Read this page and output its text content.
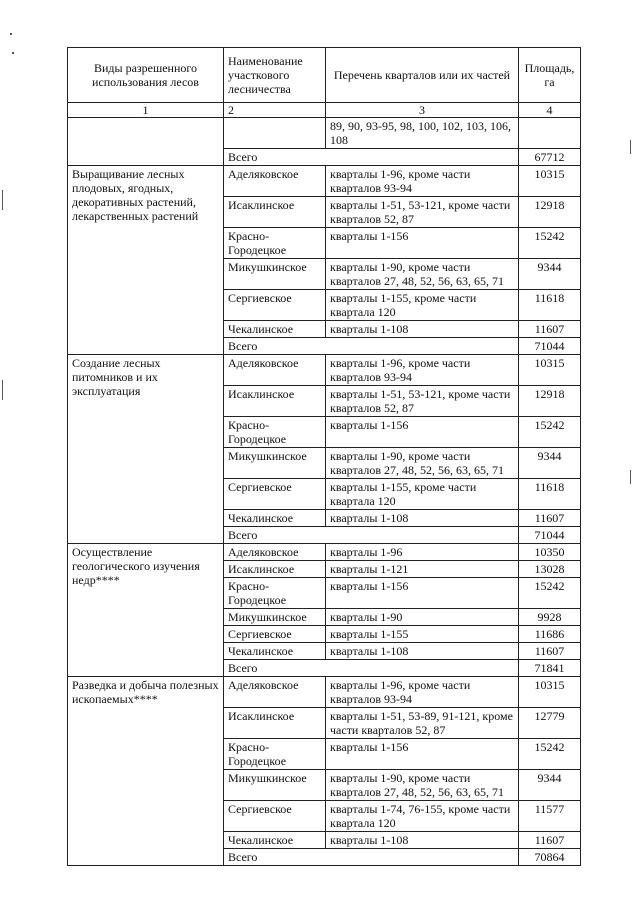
Виды разрешенного использования лесов	Наименование участкового лесничества	Перечень кварталов или их частей	Площадь, га
1	2	3	4
		89, 90, 93-95, 98, 100, 102, 103, 106, 108	
	Всего		67712
Выращивание лесных плодовых, ягодных, декоративных растений, лекарственных растений	Аделяковское	кварталы 1-96, кроме части кварталов 93-94	10315
	Исаклинское	кварталы 1-51, 53-121, кроме части кварталов 52, 87	12918
	Красно-Городецкое	кварталы 1-156	15242
	Микушкинское	кварталы 1-90, кроме части кварталов 27, 48, 52, 56, 63, 65, 71	9344
	Сергиевское	кварталы 1-155, кроме части квартала 120	11618
	Чекалинское	кварталы 1-108	11607
	Всего		71044
Создание лесных питомников и их эксплуатация	Аделяковское	кварталы 1-96, кроме части кварталов 93-94	10315
	Исаклинское	кварталы 1-51, 53-121, кроме части кварталов 52, 87	12918
	Красно-Городецкое	кварталы 1-156	15242
	Микушкинское	кварталы 1-90, кроме части кварталов 27, 48, 52, 56, 63, 65, 71	9344
	Сергиевское	кварталы 1-155, кроме части квартала 120	11618
	Чекалинское	кварталы 1-108	11607
	Всего		71044
Осуществление геологического изучения недр****	Аделяковское	кварталы 1-96	10350
	Исаклинское	кварталы 1-121	13028
	Красно-Городецкое	кварталы 1-156	15242
	Микушкинское	кварталы 1-90	9928
	Сергиевское	кварталы 1-155	11686
	Чекалинское	кварталы 1-108	11607
	Всего		71841
Разведка и добыча полезных ископаемых****	Аделяковское	кварталы 1-96, кроме части кварталов 93-94	10315
	Исаклинское	кварталы 1-51, 53-89, 91-121, кроме части кварталов 52, 87	12779
	Красно-Городецкое	кварталы 1-156	15242
	Микушкинское	кварталы 1-90, кроме части кварталов 27, 48, 52, 56, 63, 65, 71	9344
	Сергиевское	кварталы 1-74, 76-155, кроме части квартала 120	11577
	Чекалинское	кварталы 1-108	11607
	Всего		70864
